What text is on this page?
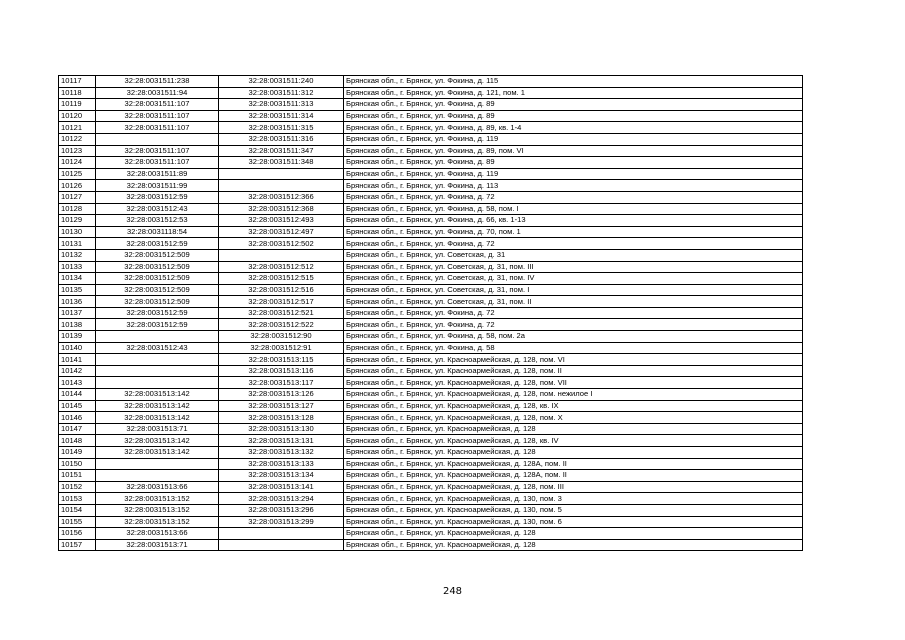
10117	32:28:0031511:238	32:28:0031511:240	Брянская обл., г. Брянск, ул. Фокина, д. 115
10118	32:28:0031511:94	32:28:0031511:312	Брянская обл., г. Брянск, ул. Фокина, д. 121, пом. 1
10119	32:28:0031511:107	32:28:0031511:313	Брянская обл., г. Брянск, ул. Фокина, д. 89
10120	32:28:0031511:107	32:28:0031511:314	Брянская обл., г. Брянск, ул. Фокина, д. 89
10121	32:28:0031511:107	32:28:0031511:315	Брянская обл., г. Брянск, ул. Фокина, д. 89, кв. 1-4
10122		32:28:0031511:316	Брянская обл., г. Брянск, ул. Фокина, д. 119
10123	32:28:0031511:107	32:28:0031511:347	Брянская обл., г. Брянск, ул. Фокина, д. 89, пом. VI
10124	32:28:0031511:107	32:28:0031511:348	Брянская обл., г. Брянск, ул. Фокина, д. 89
10125	32:28:0031511:89		Брянская обл., г. Брянск, ул. Фокина, д. 119
10126	32:28:0031511:99		Брянская обл., г. Брянск, ул. Фокина, д. 113
10127	32:28:0031512:59	32:28:0031512:366	Брянская обл., г. Брянск, ул. Фокина, д. 72
10128	32:28:0031512:43	32:28:0031512:368	Брянская обл., г. Брянск, ул. Фокина, д. 58, пом. I
10129	32:28:0031512:53	32:28:0031512:493	Брянская обл., г. Брянск, ул. Фокина, д. 66, кв. 1-13
10130	32:28:0031118:54	32:28:0031512:497	Брянская обл., г. Брянск, ул. Фокина, д. 70, пом. 1
10131	32:28:0031512:59	32:28:0031512:502	Брянская обл., г. Брянск, ул. Фокина, д. 72
10132	32:28:0031512:509		Брянская обл., г. Брянск, ул. Советская, д. 31
10133	32:28:0031512:509	32:28:0031512:512	Брянская обл., г. Брянск, ул. Советская, д. 31, пом. III
10134	32:28:0031512:509	32:28:0031512:515	Брянская обл., г. Брянск, ул. Советская, д. 31, пом. IV
10135	32:28:0031512:509	32:28:0031512:516	Брянская обл., г. Брянск, ул. Советская, д. 31, пом. I
10136	32:28:0031512:509	32:28:0031512:517	Брянская обл., г. Брянск, ул. Советская, д. 31, пом. II
10137	32:28:0031512:59	32:28:0031512:521	Брянская обл., г. Брянск, ул. Фокина, д. 72
10138	32:28:0031512:59	32:28:0031512:522	Брянская обл., г. Брянск, ул. Фокина, д. 72
10139		32:28:0031512:90	Брянская обл., г. Брянск, ул. Фокина, д. 58, пом. 2а
10140	32:28:0031512:43	32:28:0031512:91	Брянская обл., г. Брянск, ул. Фокина, д. 58
10141		32:28:0031513:115	Брянская обл., г. Брянск, ул. Красноармейская, д. 128, пом. VI
10142		32:28:0031513:116	Брянская обл., г. Брянск, ул. Красноармейская, д. 128, пом. II
10143		32:28:0031513:117	Брянская обл., г. Брянск, ул. Красноармейская, д. 128, пом. VII
10144	32:28:0031513:142	32:28:0031513:126	Брянская обл., г. Брянск, ул. Красноармейская, д. 128, пом. нежилое I
10145	32:28:0031513:142	32:28:0031513:127	Брянская обл., г. Брянск, ул. Красноармейская, д. 128, кв. IX
10146	32:28:0031513:142	32:28:0031513:128	Брянская обл., г. Брянск, ул. Красноармейская, д. 128, пом. X
10147	32:28:0031513:71	32:28:0031513:130	Брянская обл., г. Брянск, ул. Красноармейская, д. 128
10148	32:28:0031513:142	32:28:0031513:131	Брянская обл., г. Брянск, ул. Красноармейская, д. 128, кв. IV
10149	32:28:0031513:142	32:28:0031513:132	Брянская обл., г. Брянск, ул. Красноармейская, д. 128
10150		32:28:0031513:133	Брянская обл., г. Брянск, ул. Красноармейская, д. 128А, пом. II
10151		32:28:0031513:134	Брянская обл., г. Брянск, ул. Красноармейская, д. 128А, пом. II
10152	32:28:0031513:66	32:28:0031513:141	Брянская обл., г. Брянск, ул. Красноармейская, д. 128, пом. III
10153	32:28:0031513:152	32:28:0031513:294	Брянская обл., г. Брянск, ул. Красноармейская, д. 130, пом. 3
10154	32:28:0031513:152	32:28:0031513:296	Брянская обл., г. Брянск, ул. Красноармейская, д. 130, пом. 5
10155	32:28:0031513:152	32:28:0031513:299	Брянская обл., г. Брянск, ул. Красноармейская, д. 130, пом. 6
10156	32:28:0031513:66		Брянская обл., г. Брянск, ул. Красноармейская, д. 128
10157	32:28:0031513:71		Брянская обл., г. Брянск, ул. Красноармейская, д. 128
248
